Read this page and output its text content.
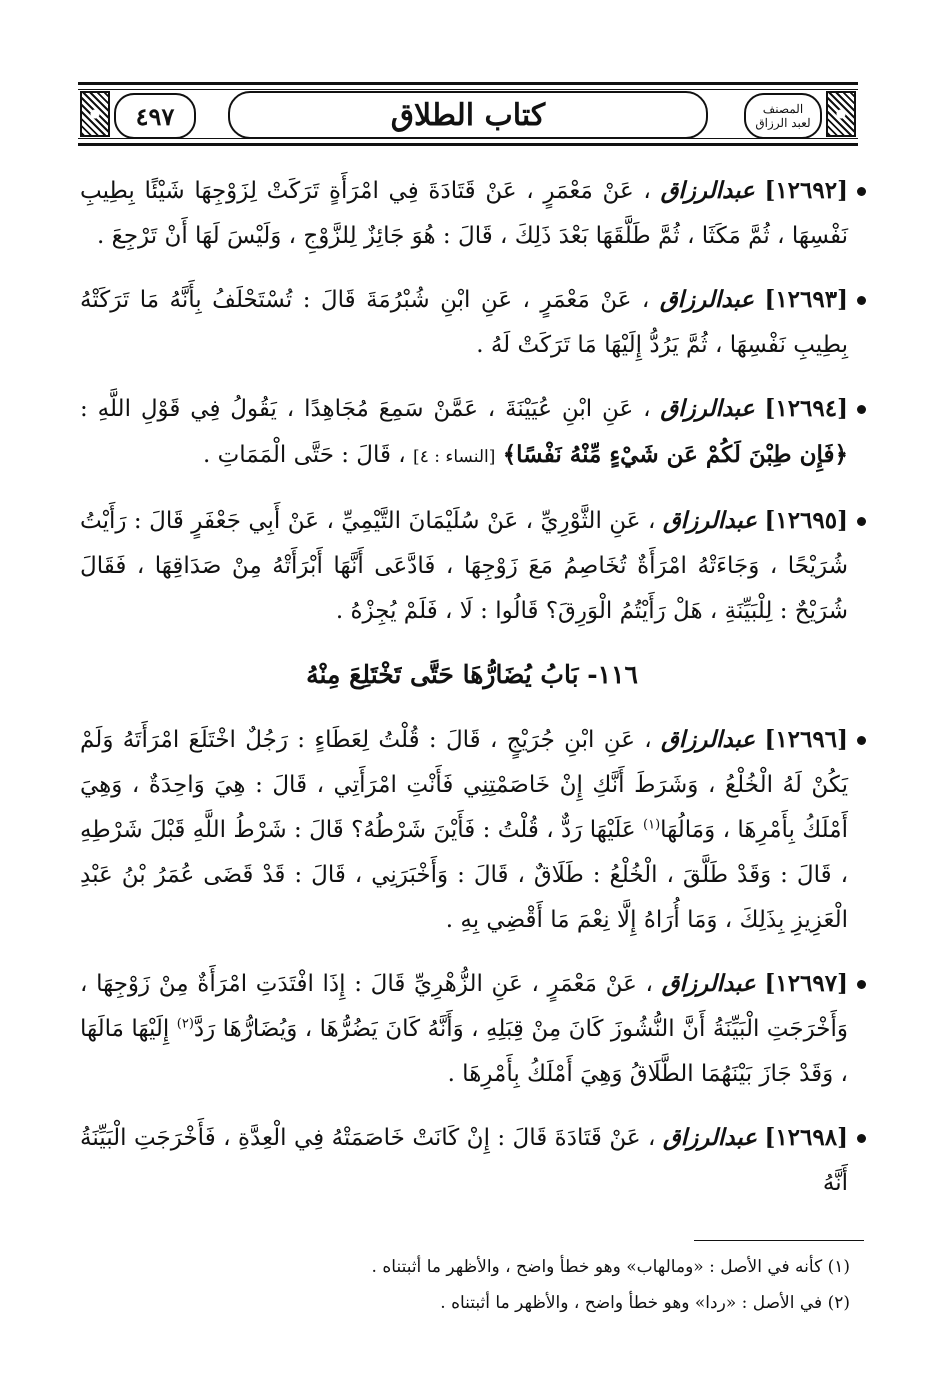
٤٩٧	كتاب الطلاق	المصنف
لعبد الرزاق

[١٢٦٩٢] عبدالرزاق ، عَنْ مَعْمَرٍ ، عَنْ قَتَادَةَ فِي امْرَأَةٍ تَرَكَتْ لِزَوْجِهَا شَيْئًا بِطِيبِ نَفْسِهَا ، ثُمَّ مَكَثَا ، ثُمَّ طَلَّقَهَا بَعْدَ ذَلِكَ ، قَالَ : هُوَ جَائِزٌ لِلزَّوْجِ ، وَلَيْسَ لَهَا أَنْ تَرْجِعَ .

[١٢٦٩٣] عبدالرزاق ، عَنْ مَعْمَرٍ ، عَنِ ابْنِ شُبْرُمَةَ قَالَ : تُسْتَحْلَفُ بِأَنَّهُ مَا تَرَكَتْهُ بِطِيبِ نَفْسِهَا ، ثُمَّ يَرُدُّ إِلَيْهَا مَا تَرَكَتْ لَهُ .

[١٢٦٩٤] عبدالرزاق ، عَنِ ابْنِ عُيَيْنَةَ ، عَمَّنْ سَمِعَ مُجَاهِدًا ، يَقُولُ فِي قَوْلِ اللَّهِ : ﴿فَإِن طِبْنَ لَكُمْ عَن شَيْءٍ مِّنْهُ نَفْسًا﴾ [النساء : ٤] ، قَالَ : حَتَّى الْمَمَاتِ .

[١٢٦٩٥] عبدالرزاق ، عَنِ الثَّوْرِيِّ ، عَنْ سُلَيْمَانَ التَّيْمِيِّ ، عَنْ أَبِي جَعْفَرٍ قَالَ : رَأَيْتُ شُرَيْحًا ، وَجَاءَتْهُ امْرَأَةٌ تُخَاصِمُ مَعَ زَوْجِهَا ، فَادَّعَى أَنَّهَا أَبْرَأَتْهُ مِنْ صَدَاقِهَا ، فَقَالَ شُرَيْحٌ : لِلْبَيِّنَةِ ، هَلْ رَأَيْتُمُ الْوَرِقَ؟ قَالُوا : لَا ، فَلَمْ يُجِزْهُ .

١١٦- بَابُ يُضَارُّهَا حَتَّى تَخْتَلِعَ مِنْهُ

[١٢٦٩٦] عبدالرزاق ، عَنِ ابْنِ جُرَيْجٍ ، قَالَ : قُلْتُ لِعَطَاءٍ : رَجُلٌ اخْتَلَعَ امْرَأَتَهُ وَلَمْ يَكُنْ لَهُ الْخُلْعُ ، وَشَرَطَ أَنَّكِ إِنْ خَاصَمْتِنِي فَأَنْتِ امْرَأَتِي ، قَالَ : هِيَ وَاحِدَةٌ ، وَهِيَ أَمْلَكُ بِأَمْرِهَا ، وَمَالُهَا$^{(١)}$ عَلَيْهَا رَدٌّ ، قُلْتُ : فَأَيْنَ شَرْطُهُ؟ قَالَ : شَرْطُ اللَّهِ قَبْلَ شَرْطِهِ ، قَالَ : وَقَدْ طَلَّقَ ، الْخُلْعُ : طَلَاقٌ ، قَالَ : وَأَخْبَرَنِي ، قَالَ : قَدْ قَضَى عُمَرُ بْنُ عَبْدِ الْعَزِيزِ بِذَلِكَ ، وَمَا أُرَاهُ إِلَّا نِعْمَ مَا أَقْضِي بِهِ .

[١٢٦٩٧] عبدالرزاق ، عَنْ مَعْمَرٍ ، عَنِ الزُّهْرِيِّ قَالَ : إِذَا افْتَدَتِ امْرَأَةٌ مِنْ زَوْجِهَا ، وَأَخْرَجَتِ الْبَيِّنَةُ أَنَّ النُّشُوزَ كَانَ مِنْ قِبَلِهِ ، وَأَنَّهُ كَانَ يَضُرُّهَا ، وَيُضَارُّهَا رَدَّ$^{(٢)}$ إِلَيْهَا مَالَهَا ، وَقَدْ جَازَ بَيْنَهُمَا الطَّلَاقُ وَهِيَ أَمْلَكُ بِأَمْرِهَا .

[١٢٦٩٨] عبدالرزاق ، عَنْ قَتَادَةَ قَالَ : إِنْ كَانَتْ خَاصَمَتْهُ فِي الْعِدَّةِ ، فَأَخْرَجَتِ الْبَيِّنَةُ أَنَّهُ

(١) كأنه في الأصل : «ومالهاب» وهو خطأ واضح ، والأظهر ما أثبتناه .
(٢) في الأصل : «ردا» وهو خطأ واضح ، والأظهر ما أثبتناه .
